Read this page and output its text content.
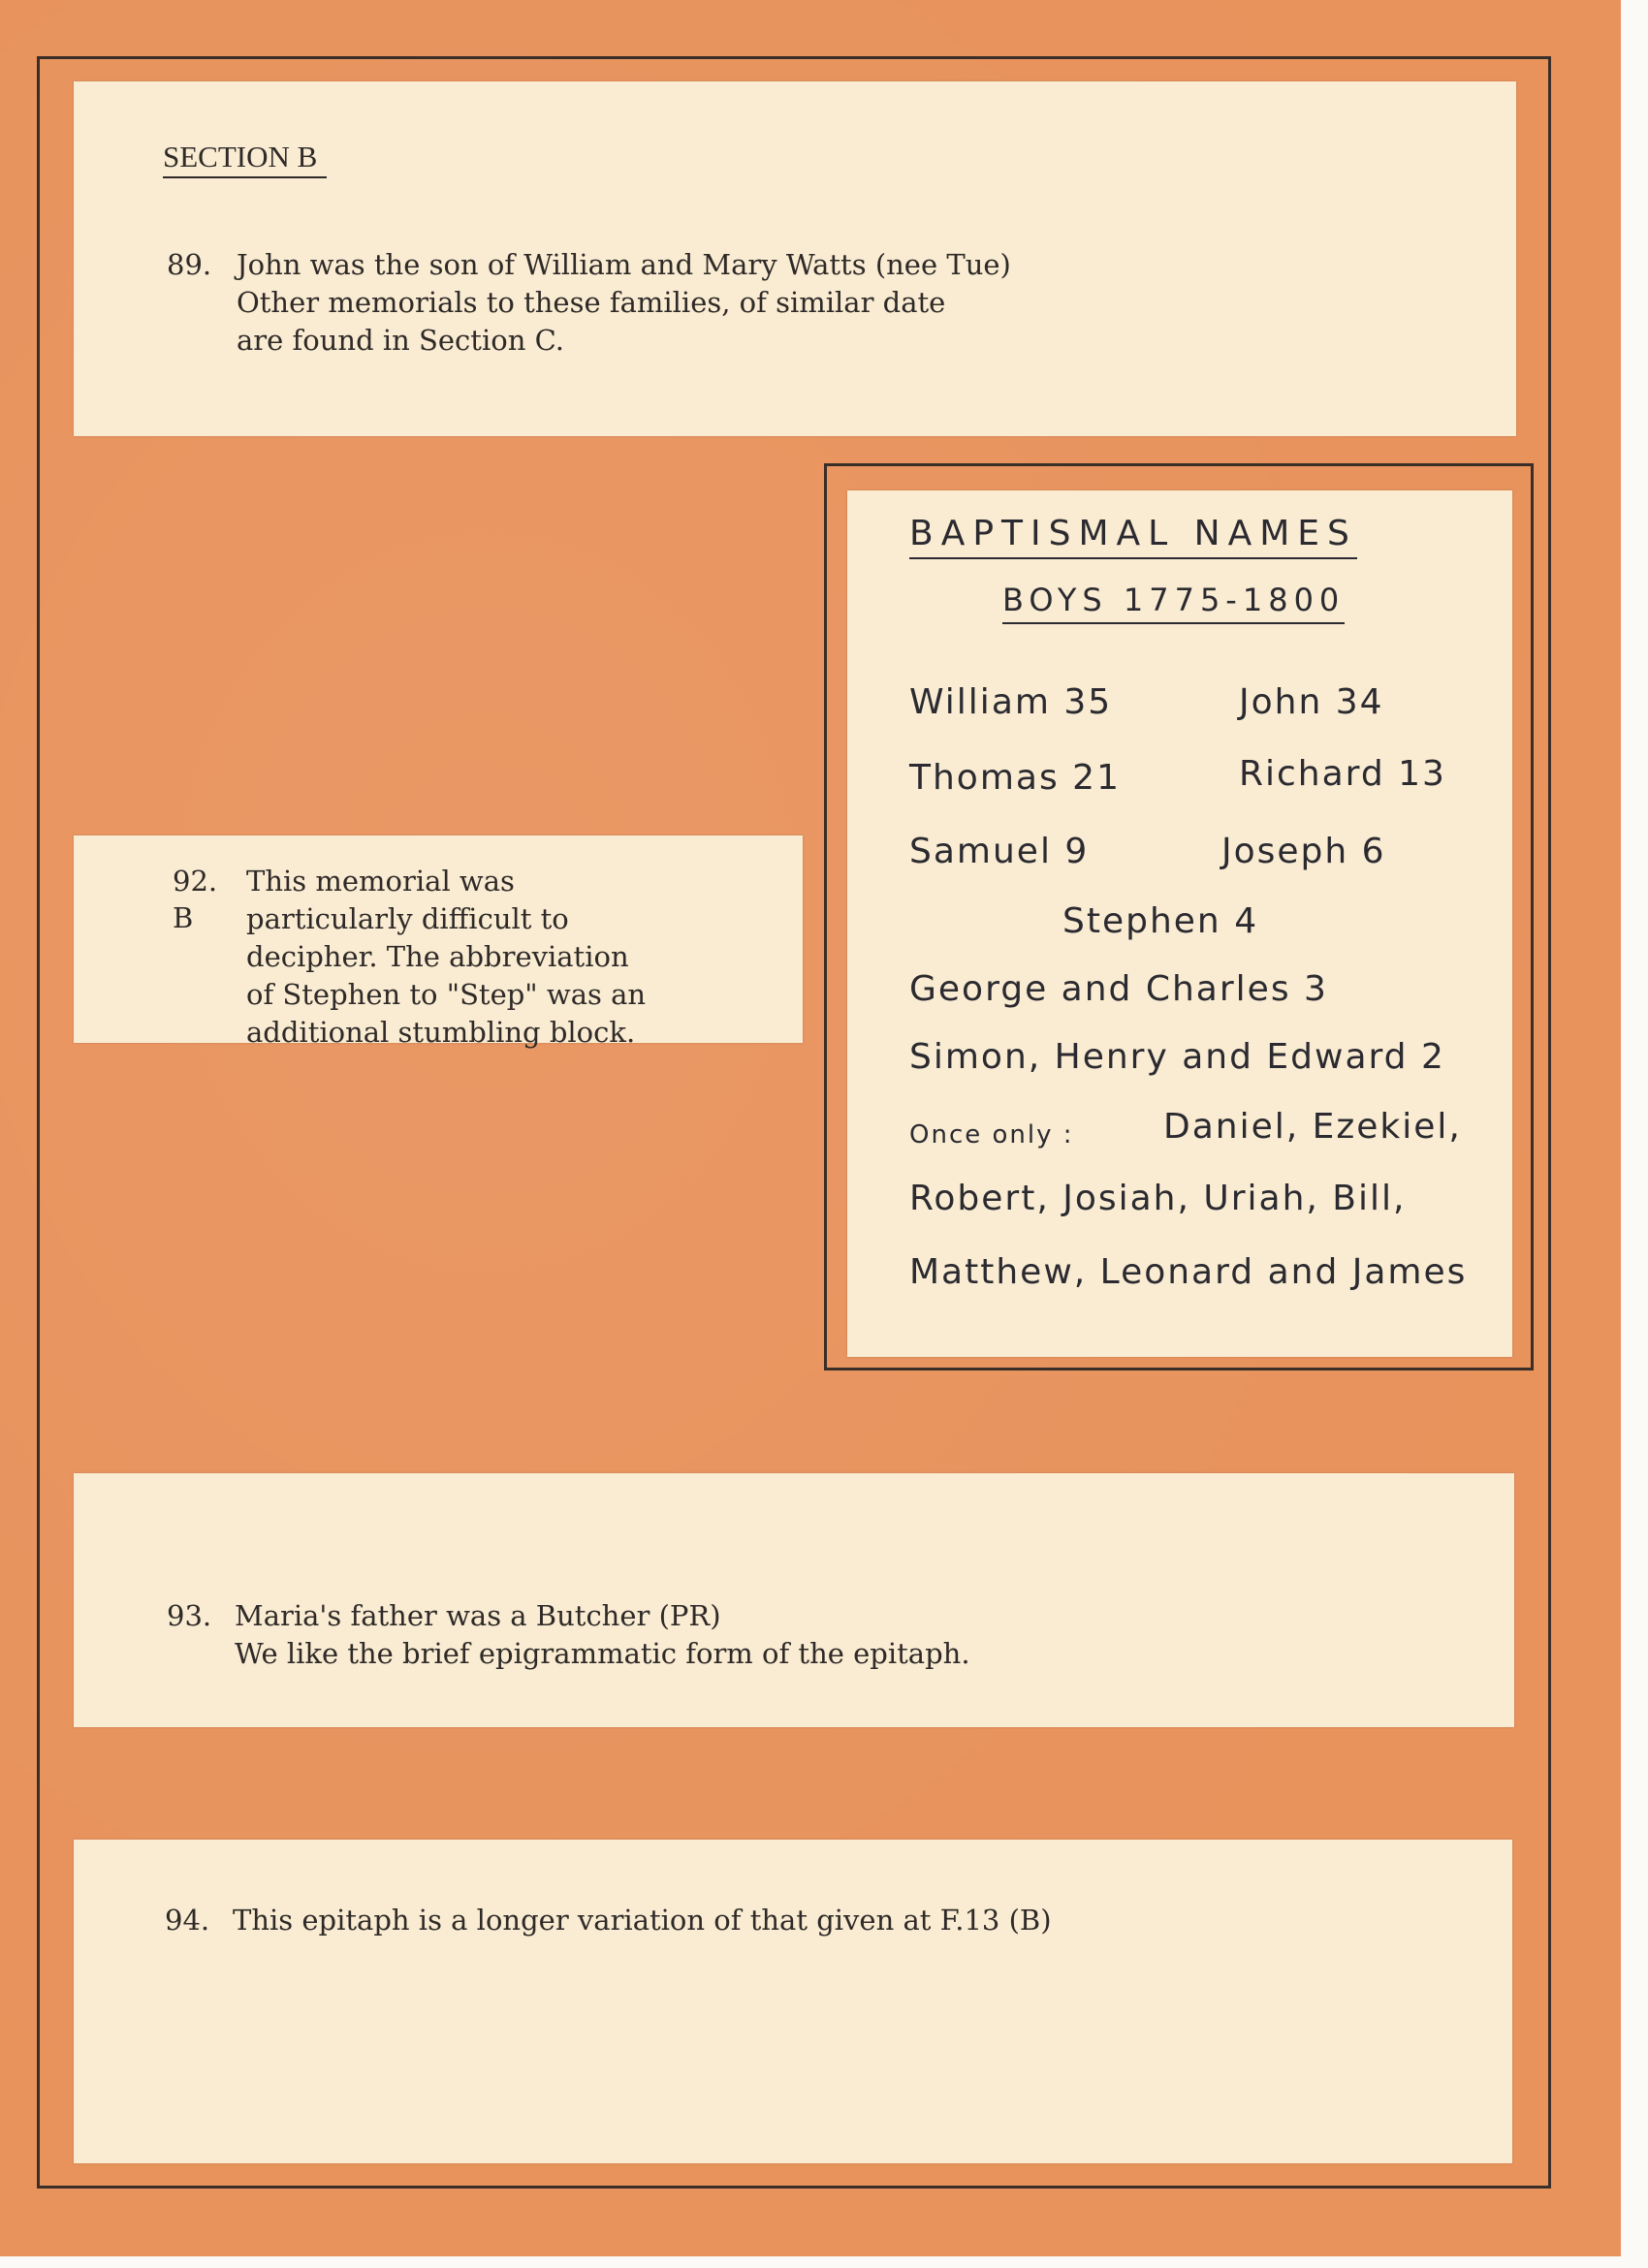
SECTION B
89. John was the son of William and Mary Watts (nee Tue)
Other memorials to these families, of similar date
are found in Section C.
92.
B
This memorial was
particularly difficult to
decipher. The abbreviation
of Stephen to "Step" was an
additional stumbling block.
BAPTISMAL NAMES
BOYS 1775-1800
William 35	John 34
Thomas 21	Richard 13
Samuel 9	Joseph 6
Stephen 4
George and Charles 3
Simon, Henry and Edward 2
Once only :	Daniel, Ezekiel,
Robert, Josiah, Uriah, Bill,
Matthew, Leonard and James
93. Maria's father was a Butcher (PR)
We like the brief epigrammatic form of the epitaph.
94. This epitaph is a longer variation of that given at F.13 (B)
